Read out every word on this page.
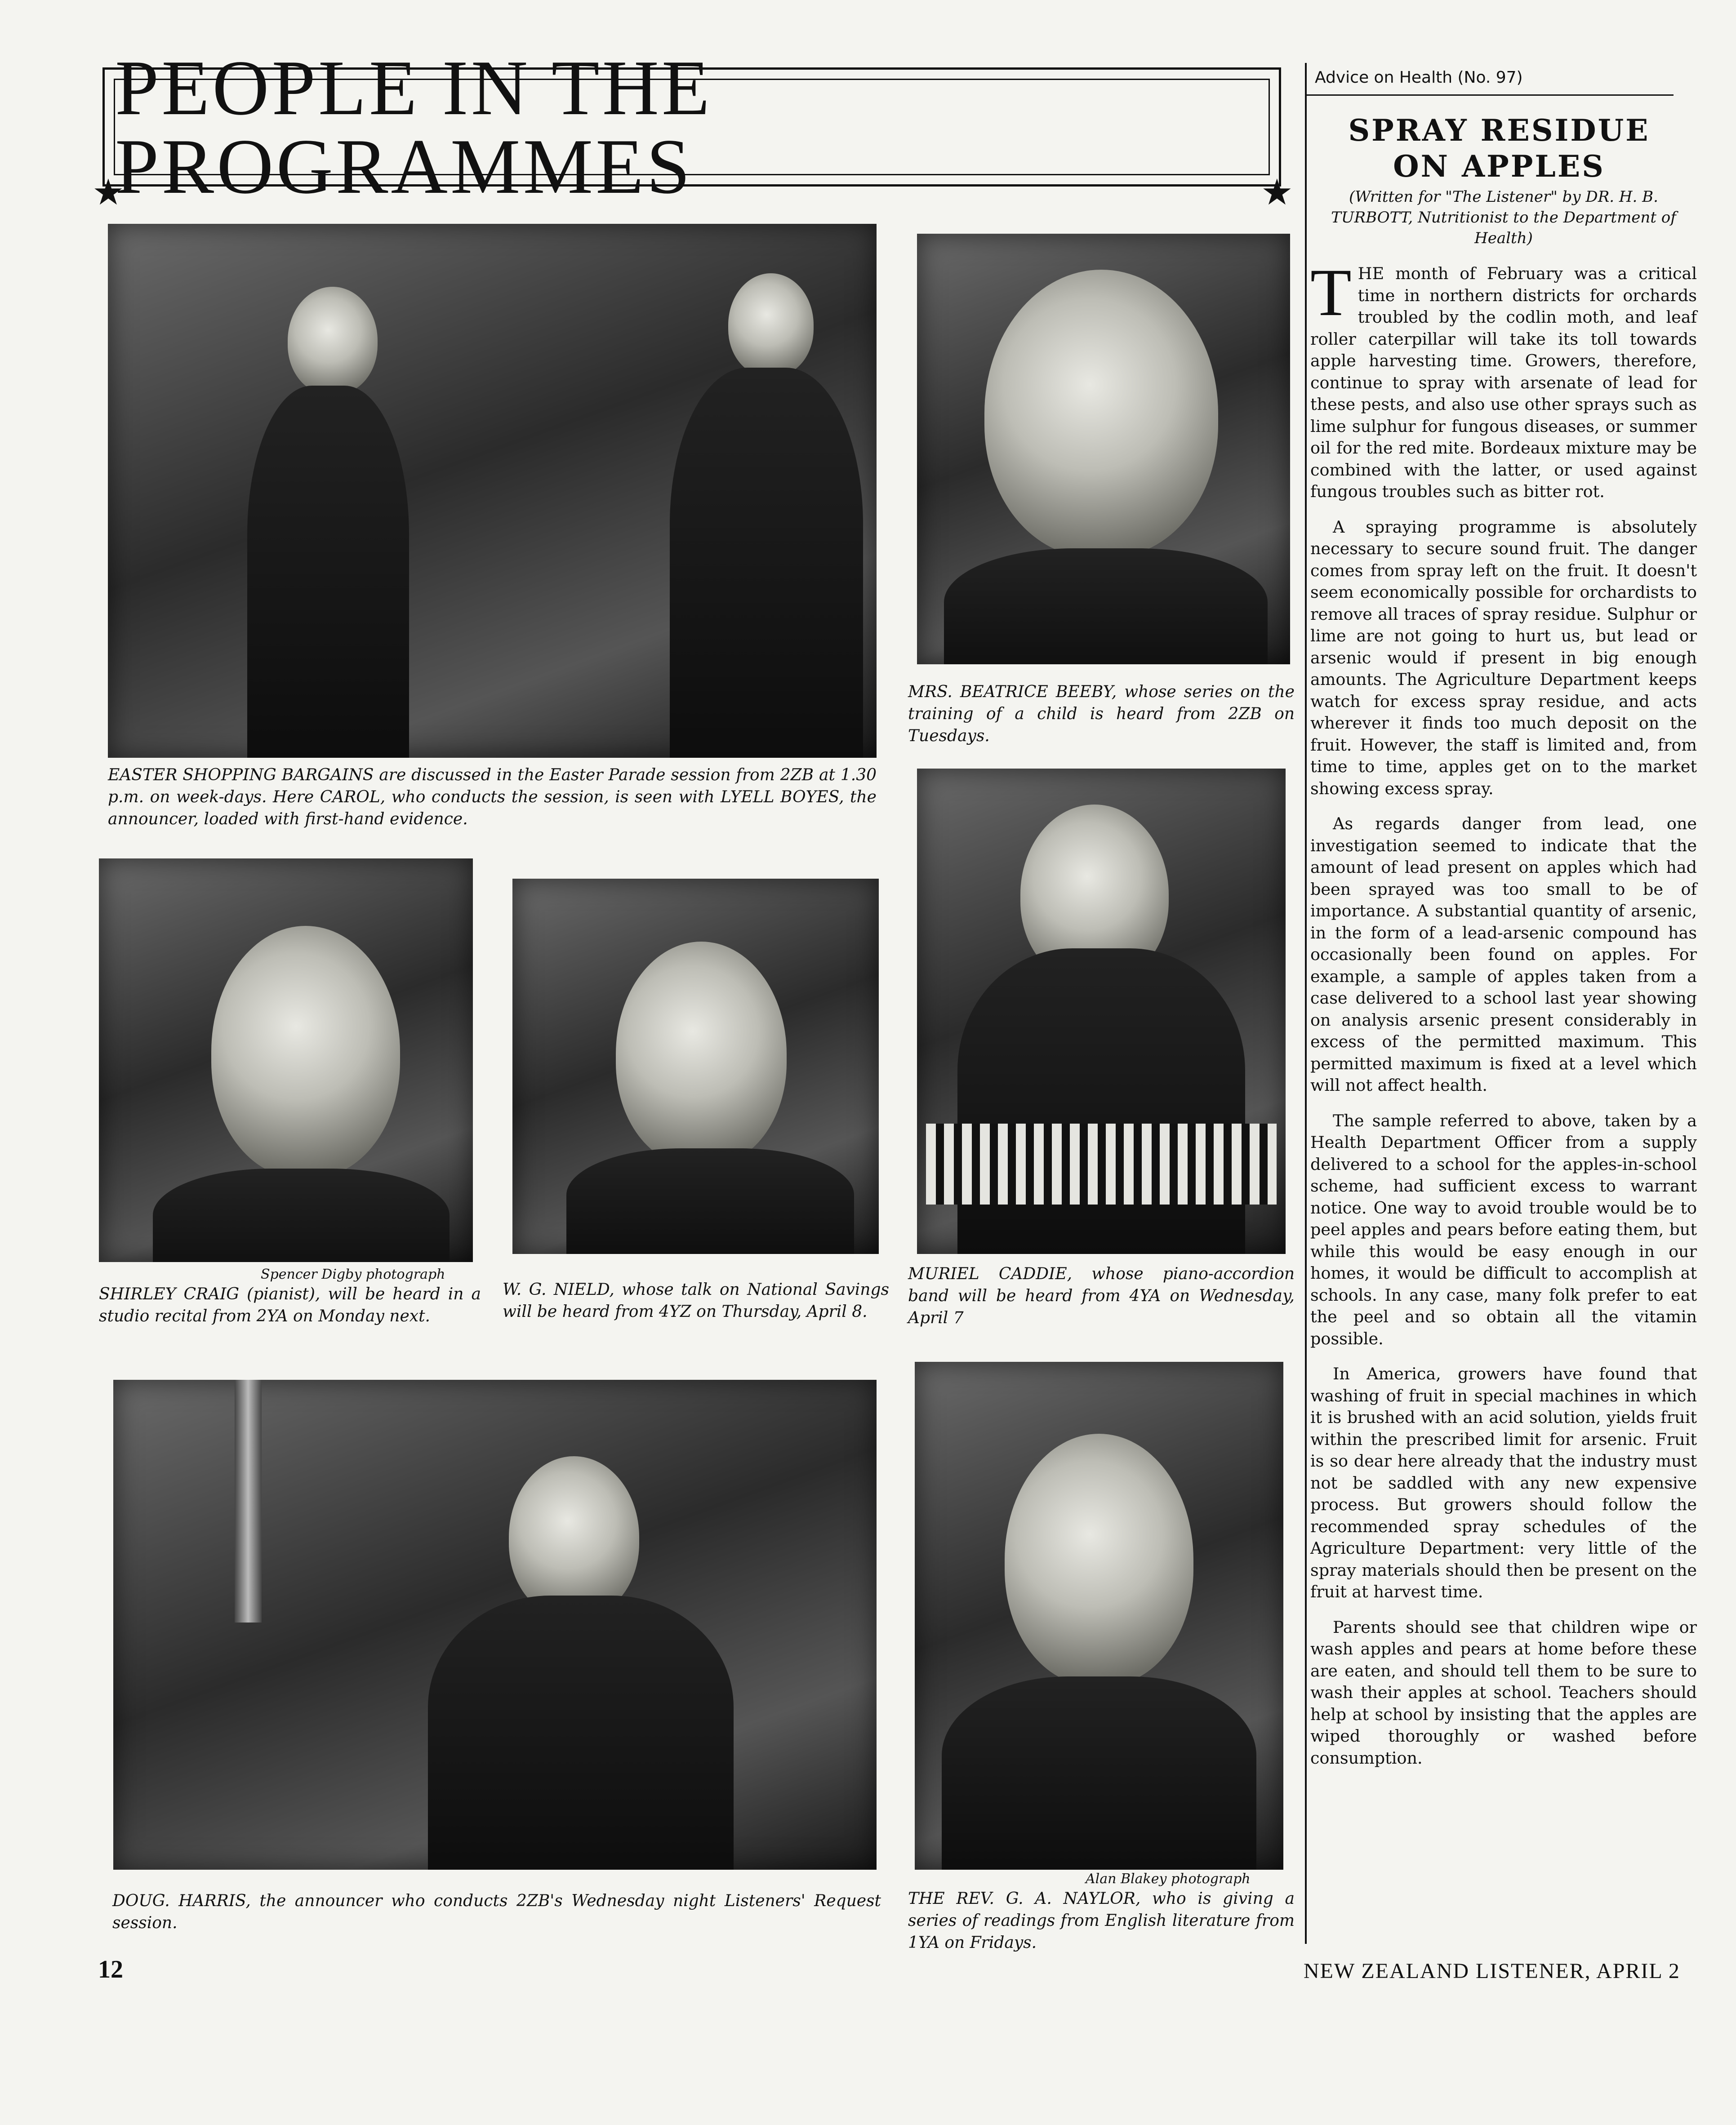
PEOPLE IN THE PROGRAMMES
★	★
EASTER SHOPPING BARGAINS are discussed in the Easter Parade session from 2ZB at 1.30 p.m. on week-days. Here CAROL, who conducts the session, is seen with LYELL BOYES, the announcer, loaded with first-hand evidence.
MRS. BEATRICE BEEBY, whose series on the training of a child is heard from 2ZB on Tuesdays.
Spencer Digby photograph
SHIRLEY CRAIG (pianist), will be heard in a studio recital from 2YA on Monday next.
W. G. NIELD, whose talk on National Savings will be heard from 4YZ on Thursday, April 8.
MURIEL CADDIE, whose piano-accordion band will be heard from 4YA on Wednesday, April 7
DOUG. HARRIS, the announcer who conducts 2ZB's Wednesday night Listeners' Request session.
Alan Blakey photograph
THE REV. G. A. NAYLOR, who is giving a series of readings from English literature from 1YA on Fridays.
Advice on Health (No. 97)
SPRAY RESIDUE
ON APPLES
(Written for "The Listener" by DR. H. B. TURBOTT, Nutritionist to the Department of Health)

THE month of February was a critical time in northern districts for orchards troubled by the codlin moth, and leaf roller caterpillar will take its toll towards apple harvesting time. Growers, therefore, continue to spray with arsenate of lead for these pests, and also use other sprays such as lime sulphur for fungous diseases, or summer oil for the red mite. Bordeaux mixture may be combined with the latter, or used against fungous troubles such as bitter rot.

A spraying programme is absolutely necessary to secure sound fruit. The danger comes from spray left on the fruit. It doesn't seem economically possible for orchardists to remove all traces of spray residue. Sulphur or lime are not going to hurt us, but lead or arsenic would if present in big enough amounts. The Agriculture Department keeps watch for excess spray residue, and acts wherever it finds too much deposit on the fruit. However, the staff is limited and, from time to time, apples get on to the market showing excess spray.

As regards danger from lead, one investigation seemed to indicate that the amount of lead present on apples which had been sprayed was too small to be of importance. A substantial quantity of arsenic, in the form of a lead-arsenic compound has occasionally been found on apples. For example, a sample of apples taken from a case delivered to a school last year showing on analysis arsenic present considerably in excess of the permitted maximum. This permitted maximum is fixed at a level which will not affect health.

The sample referred to above, taken by a Health Department Officer from a supply delivered to a school for the apples-in-school scheme, had sufficient excess to warrant notice. One way to avoid trouble would be to peel apples and pears before eating them, but while this would be easy enough in our homes, it would be difficult to accomplish at schools. In any case, many folk prefer to eat the peel and so obtain all the vitamin possible.

In America, growers have found that washing of fruit in special machines in which it is brushed with an acid solution, yields fruit within the prescribed limit for arsenic. Fruit is so dear here already that the industry must not be saddled with any new expensive process. But growers should follow the recommended spray schedules of the Agriculture Department: very little of the spray materials should then be present on the fruit at harvest time.

Parents should see that children wipe or wash apples and pears at home before these are eaten, and should tell them to be sure to wash their apples at school. Teachers should help at school by insisting that the apples are wiped thoroughly or washed before consumption.

12	NEW ZEALAND LISTENER, APRIL 2
